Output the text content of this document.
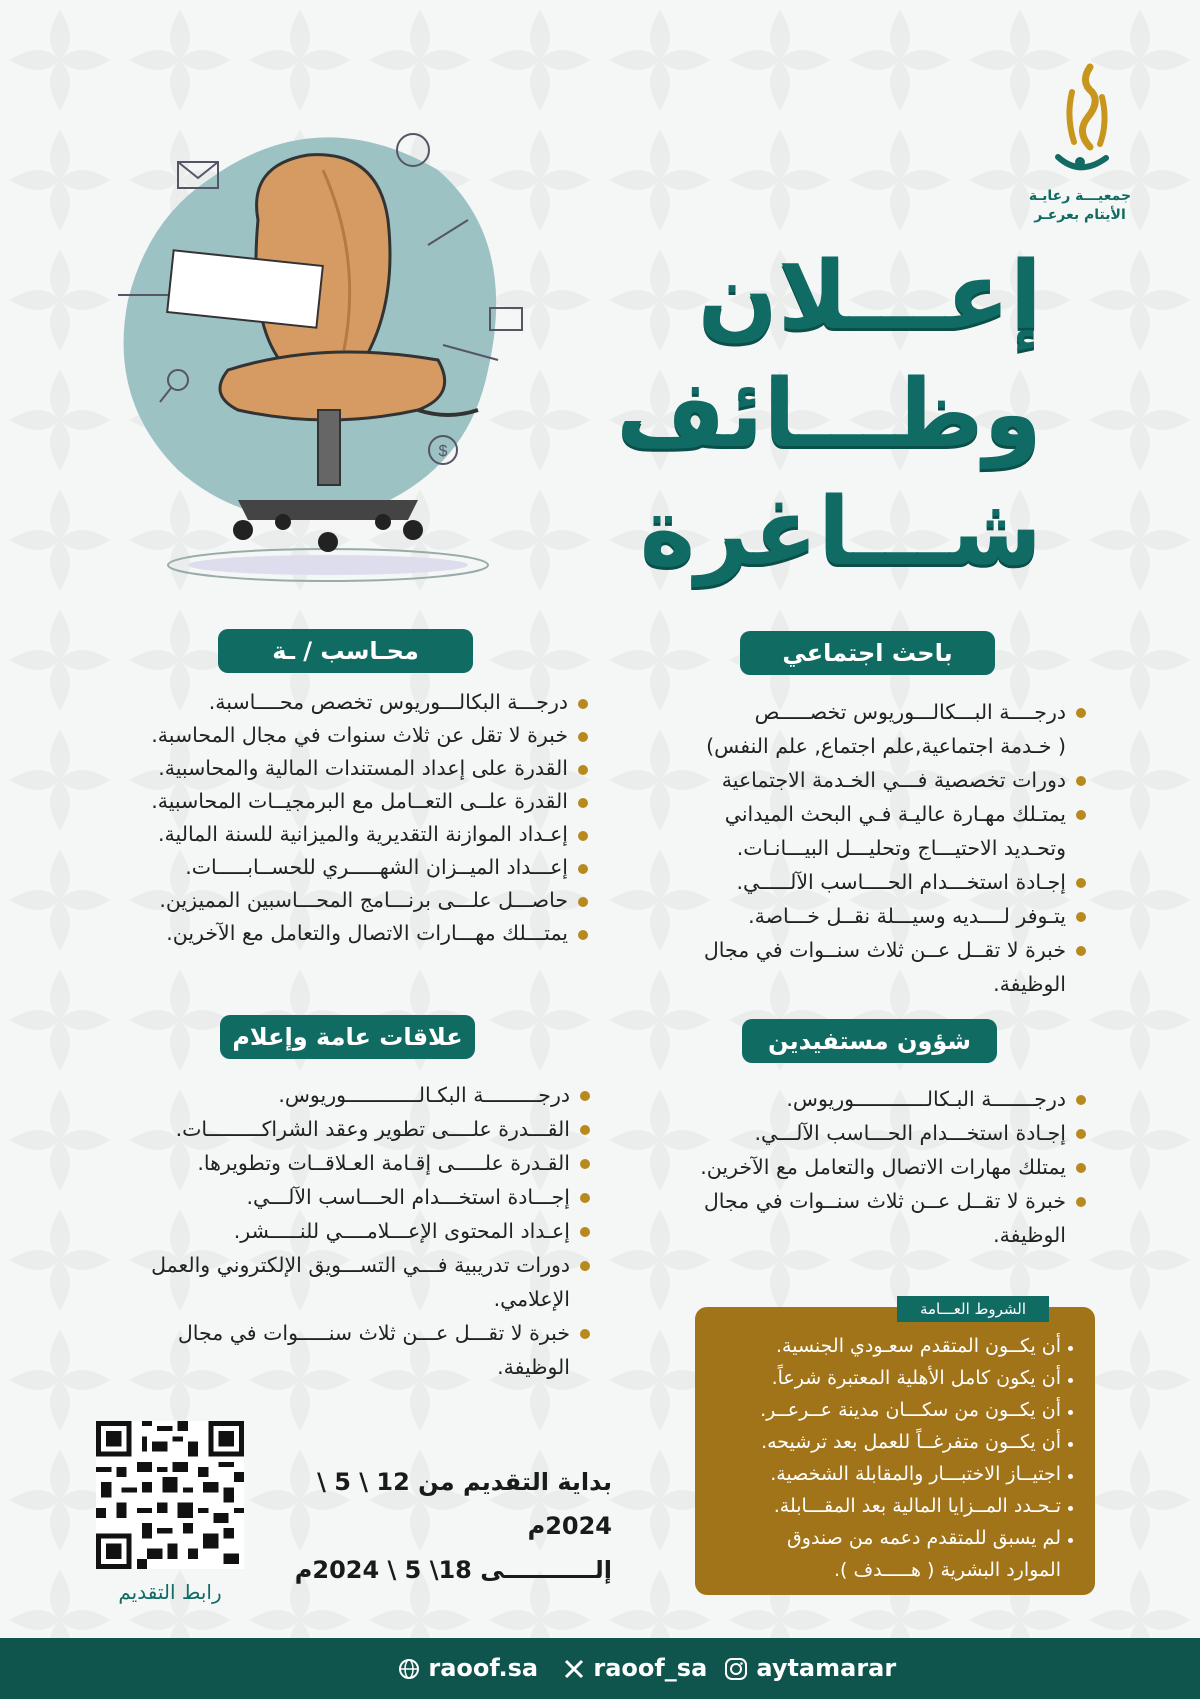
جمعيـــة رعايـة
الأيتام بعرعـر
إعـــلان
وظـــائف
شـــاغرة
$
باحث اجتماعي
درجــــة البـــكالـــوريوس تخصـــــص
( خـدمة اجتماعية,علم اجتماع, علم النفس)
دورات تخصصية فـــي الخـدمة الاجتماعية
يمتـلك مهـارة عاليـة فـي البحث الميداني
وتحـديد الاحتيـــاج وتحليـــل البيـــانـات.
إجـادة استخـــدام الحــــاسب الآلـــــي.
يتـوفر لــــديه وسيـــلة نقــل خـــاصة.
خبرة لا تقــل عــن ثلاث سنــوات في مجال
الوظيفة.
محـاسب / ـة
درجـــة البكالـــوريوس تخصص محــــاسبة.
خبرة لا تقل عن ثلاث سنوات في مجال المحاسبة.
القدرة على إعداد المستندات المالية والمحاسبية.
القدرة علــى التعــامل مع البرمجيــات المحاسبية.
إعـداد الموازنة التقديرية والميزانية للسنة المالية.
إعـــداد الميــزان الشهـــــري للحســابـــــات.
حاصـــل علـــى برنـــامج المحـــاسبين المميزين.
يمتـــلك مهـــارات الاتصال والتعامل مع الآخرين.
شؤون مستفيدين
درجـــــــة البـكالــــــــــــوريوس.
إجـادة استخـــدام الحـــاسب الآلـــي.
يمتلك مهارات الاتصال والتعامل مع الآخرين.
خبرة لا تقــل عــن ثلاث سنــوات في مجال
الوظيفة.
علاقات عامة وإعلام
درجـــــــــة البكـالــــــــــــوريوس.
القـــدرة علــــى تطوير وعقد الشراكـــــــــات.
القـدرة علـــــى إقـامة العـلاقــات وتطويرها.
إجـــادة استخـــدام الحـــاسب الآلـــي.
إعـداد المحتوى الإعـــلامــــي للنـــــشر.
دورات تدريبية فـــي التســـويق الإلكتروني والعمل
الإعلامي.
خبرة لا تقـــل عـــن ثلاث سنـــــوات في مجال
الوظيفة.
الشروط العـــامة
أن يكــون المتقدم سعـودي الجنسية.
أن يكون كامل الأهلية المعتبرة شرعاً.
أن يكــون من سكـــان مدينة عــرعــر.
أن يكــون متفرغــاً للعمل بعد ترشيحه.
اجتيــاز الاختبـــار والمقابلة الشخصية.
تـحـدد المــزايا المالية بعد المقـــابلة.
لم يسبق للمتقدم دعمه من صندوق
الموارد البشرية ( هـــــدف ).
بداية التقديم من 12 \ 5 \ 2024م
إلـــــــــــى 18\ 5 \ 2024م
رابط التقديم
raoof.sa	raoof_sa	aytamarar
